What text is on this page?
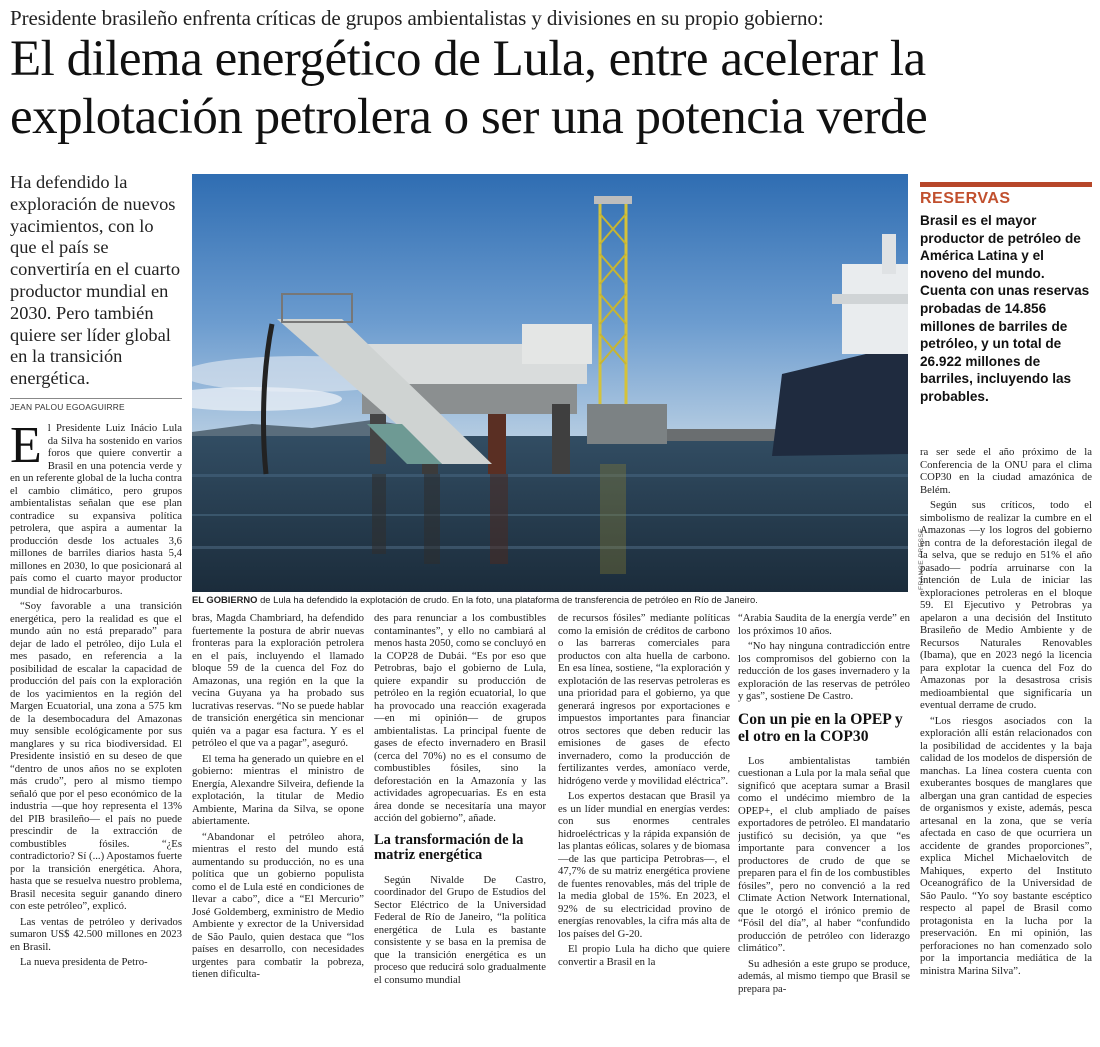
Presidente brasileño enfrenta críticas de grupos ambientalistas y divisiones en su propio gobierno:
El dilema energético de Lula, entre acelerar la explotación petrolera o ser una potencia verde

Ha defendido la exploración de nuevos yacimientos, con lo que el país se convertiría en el cuarto productor mundial en 2030. Pero también quiere ser líder global en la transición energética.

JEAN PALOU EGOAGUIRRE
FRANCE PRESSE
EL GOBIERNO de Lula ha defendido la explotación de crudo. En la foto, una plataforma de transferencia de petróleo en Río de Janeiro.
RESERVAS
Brasil es el mayor productor de petróleo de América Latina y el noveno del mundo. Cuenta con unas reservas probadas de 14.856 millones de barriles de petróleo, y un total de 26.922 millones de barriles, incluyendo las probables.

El Presidente Luiz Inácio Lula da Silva ha sostenido en varios foros que quiere convertir a Brasil en una potencia verde y en un referente global de la lucha contra el cambio climático, pero grupos ambientalistas señalan que ese plan contradice su expansiva política petrolera, que aspira a aumentar la producción desde los actuales 3,6 millones de barriles diarios hasta 5,4 millones en 2030, lo que posicionará al país como el cuarto mayor productor mundial de hidrocarburos.

“Soy favorable a una transición energética, pero la realidad es que el mundo aún no está preparado” para dejar de lado el petróleo, dijo Lula el mes pasado, en referencia a la posibilidad de escalar la capacidad de producción del país con la exploración de los yacimientos en la región del Margen Ecuatorial, una zona a 575 km de la desembocadura del Amazonas muy sensible ecológicamente por sus manglares y su rica biodiversidad. El Presidente insistió en su deseo de que “dentro de unos años no se exploten más crudo”, pero al mismo tiempo señaló que por el peso económico de la industria —que hoy representa el 13% del PIB brasileño— el país no puede prescindir de la extracción de combustibles fósiles. “¿Es contradictorio? Sí (...) Apostamos fuerte por la transición energética. Ahora, hasta que se resuelva nuestro problema, Brasil necesita seguir ganando dinero con este petróleo”, explicó.

Las ventas de petróleo y derivados sumaron US$ 42.500 millones en 2023 en Brasil.

La nueva presidenta de Petro-

bras, Magda Chambriard, ha defendido fuertemente la postura de abrir nuevas fronteras para la exploración petrolera en el país, incluyendo el llamado bloque 59 de la cuenca del Foz do Amazonas, una región en la que la vecina Guyana ya ha probado sus lucrativas reservas. “No se puede hablar de transición energética sin mencionar quién va a pagar esa factura. Y es el petróleo el que va a pagar”, aseguró.

El tema ha generado un quiebre en el gobierno: mientras el ministro de Energía, Alexandre Silveira, defiende la explotación, la titular de Medio Ambiente, Marina da Silva, se opone abiertamente.

“Abandonar el petróleo ahora, mientras el resto del mundo está aumentando su producción, no es una política que un gobierno populista como el de Lula esté en condiciones de llevar a cabo”, dice a “El Mercurio” José Goldemberg, exministro de Medio Ambiente y exrector de la Universidad de São Paulo, quien destaca que “los países en desarrollo, con necesidades urgentes para combatir la pobreza, tienen dificulta-

des para renunciar a los combustibles contaminantes”, y ello no cambiará al menos hasta 2050, como se concluyó en la COP28 de Dubái. “Es por eso que Petrobras, bajo el gobierno de Lula, quiere expandir su producción de petróleo en la región ecuatorial, lo que ha provocado una reacción exagerada —en mi opinión— de grupos ambientalistas. La principal fuente de gases de efecto invernadero en Brasil (cerca del 70%) no es el consumo de combustibles fósiles, sino la deforestación en la Amazonía y las actividades agropecuarias. Es en esta área donde se necesitaría una mayor acción del gobierno”, añade.

La transformación de la matriz energética

Según Nivalde De Castro, coordinador del Grupo de Estudios del Sector Eléctrico de la Universidad Federal de Río de Janeiro, “la política energética de Lula es bastante consistente y se basa en la premisa de que la transición energética es un proceso que reducirá solo gradualmente el consumo mundial

de recursos fósiles” mediante políticas como la emisión de créditos de carbono o las barreras comerciales para productos con alta huella de carbono. En esa línea, sostiene, “la exploración y explotación de las reservas petroleras es una prioridad para el gobierno, ya que generará ingresos por exportaciones e impuestos importantes para financiar otros sectores que deben reducir las emisiones de gases de efecto invernadero, como la producción de fertilizantes verdes, amoníaco verde, hidrógeno verde y movilidad eléctrica”.

Los expertos destacan que Brasil ya es un líder mundial en energías verdes: con sus enormes centrales hidroeléctricas y la rápida expansión de las plantas eólicas, solares y de biomasa —de las que participa Petrobras—, el 47,7% de su matriz energética proviene de fuentes renovables, más del triple de la media global de 15%. En 2023, el 92% de su electricidad provino de energías renovables, la cifra más alta de los países del G-20.

El propio Lula ha dicho que quiere convertir a Brasil en la

“Arabia Saudita de la energía verde” en los próximos 10 años.

“No hay ninguna contradicción entre los compromisos del gobierno con la reducción de los gases invernadero y la exploración de las reservas de petróleo y gas”, sostiene De Castro.

Con un pie en la OPEP y el otro en la COP30

Los ambientalistas también cuestionan a Lula por la mala señal que significó que aceptara sumar a Brasil como el undécimo miembro de la OPEP+, el club ampliado de países exportadores de petróleo. El mandatario justificó su decisión, ya que “es importante para convencer a los productores de crudo de que se preparen para el fin de los combustibles fósiles”, pero no convenció a la red Climate Action Network International, que le otorgó el irónico premio de “Fósil del día”, al haber “confundido producción de petróleo con liderazgo climático”.

Su adhesión a este grupo se produce, además, al mismo tiempo que Brasil se prepara pa-

ra ser sede el año próximo de la Conferencia de la ONU para el clima COP30 en la ciudad amazónica de Belém.

Según sus críticos, todo el simbolismo de realizar la cumbre en el Amazonas —y los logros del gobierno en contra de la deforestación ilegal de la selva, que se redujo en 51% el año pasado— podría arruinarse con la intención de Lula de iniciar las exploraciones petroleras en el bloque 59. El Ejecutivo y Petrobras ya apelaron a una decisión del Instituto Brasileño de Medio Ambiente y de Recursos Naturales Renovables (Ibama), que en 2023 negó la licencia para explotar la cuenca del Foz do Amazonas por la desastrosa crisis medioambiental que significaría un eventual derrame de crudo.

“Los riesgos asociados con la exploración allí están relacionados con la posibilidad de accidentes y la baja calidad de los modelos de dispersión de manchas. La línea costera cuenta con exuberantes bosques de manglares que albergan una gran cantidad de especies de organismos y existe, además, pesca artesanal en la zona, que se vería afectada en caso de que ocurriera un accidente de grandes proporciones”, explica Michel Michaelovitch de Mahiques, experto del Instituto Oceanográfico de la Universidad de São Paulo. “Yo soy bastante escéptico respecto al papel de Brasil como protagonista en la lucha por la preservación. En mi opinión, las perforaciones no han comenzado solo por la importancia mediática de la ministra Marina Silva”.
